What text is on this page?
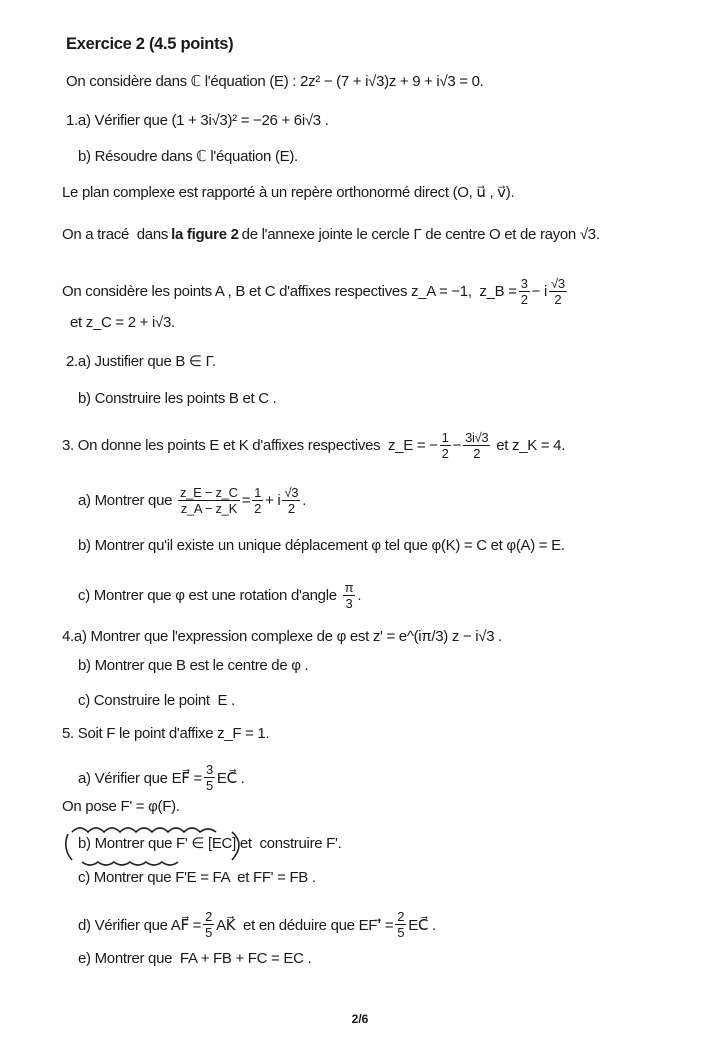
Exercice 2 (4.5 points)
On considère dans ℂ l'équation (E) : 2z² − (7 + i√3)z + 9 + i√3 = 0.
1.a) Vérifier que (1 + 3i√3)² = −26 + 6i√3 .
b) Résoudre dans ℂ l'équation (E).
Le plan complexe est rapporté à un repère orthonormé direct (O, u⃗ , v⃗).
On a tracé  dans la figure 2 de l'annexe jointe le cercle Γ de centre O et de rayon √3.
On considère les points A , B et C d'affixes respectives z_A = −1,  z_B = $\frac{3}{2} - i \frac{√3}{2}$
et z_C = 2 + i√3.
2.a) Justifier que B ∈ Γ.
b) Construire les points B et C .
3. On donne les points E et K d'affixes respectives  z_E = − $\frac{1}{2} - \frac{3i√3}{2}$ et z_K = 4.
a) Montrer que $\frac{z\_E - z\_C}{z\_A - z\_K} = \frac{1}{2} + i \frac{√3}{2}$ .
b) Montrer qu'il existe un unique déplacement φ tel que φ(K) = C et φ(A) = E.
c) Montrer que φ est une rotation d'angle $\frac{\pi}{3}$ .
4.a) Montrer que l'expression complexe de φ est z' = e^(iπ/3) z − i√3 .
b) Montrer que B est le centre de φ .
c) Construire le point  E .
5. Soit F le point d'affixe z_F = 1.
a) Vérifier que EF⃗ = $\frac{3}{5}$ EC⃗ .
On pose F' = φ(F).
b) Montrer que F' ∈ [EC] et  construire F'.
c) Montrer que F'E = FA  et FF' = FB .
d) Vérifier que AF⃗ = $\frac{2}{5}$ AK⃗  et en déduire que EF'⃗ = $\frac{2}{5}$ EC⃗ .
e) Montrer que  FA + FB + FC = EC .
2/6
